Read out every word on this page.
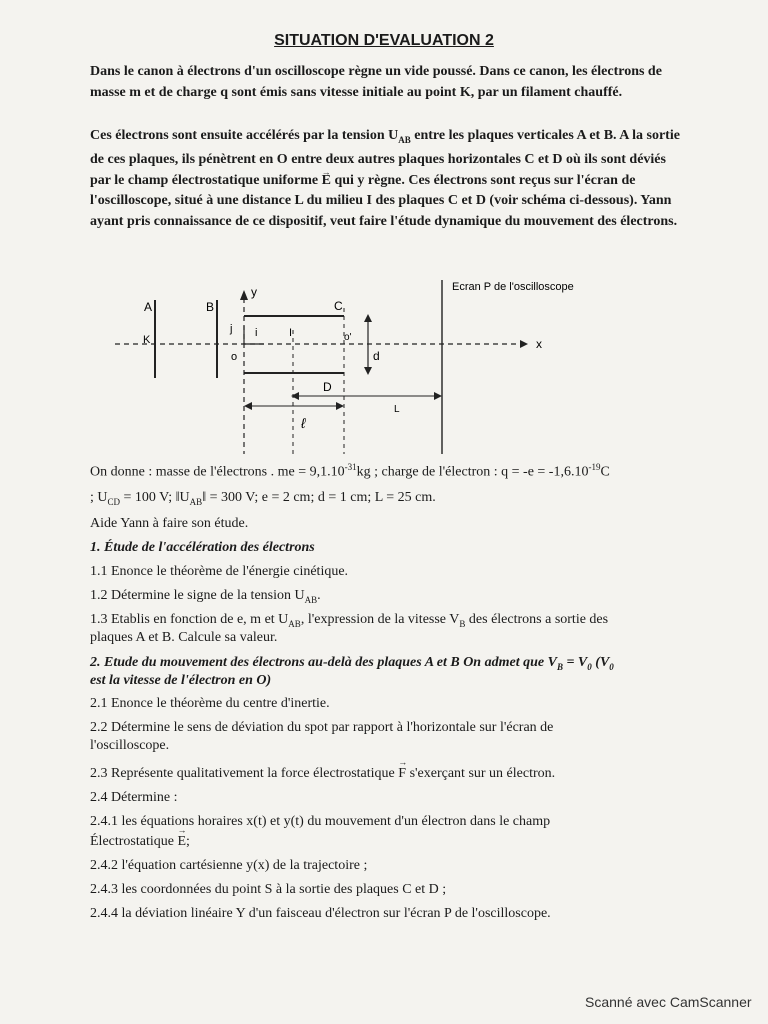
SITUATION D'EVALUATION 2
Dans le canon à électrons d'un oscilloscope règne un vide poussé. Dans ce canon, les électrons de masse m et de charge q sont émis sans vitesse initiale au point K, par un filament chauffé.
Ces électrons sont ensuite accélérés par la tension $U_{AB}$ entre les plaques verticales A et B. A la sortie de ces plaques, ils pénètrent en O entre deux autres plaques horizontales C et D où ils sont déviés par le champ électrostatique uniforme → E qui y règne. Ces électrons sont reçus sur l'écran de l'oscilloscope, situé à une distance L du milieu I des plaques C et D (voir schéma ci-dessous). Yann ayant pris connaissance de ce dispositif, veut faire l'étude dynamique du mouvement des électrons.
x
A
K
B
y
j i
o
C
D
I	o'
d
Ecran P de l'oscilloscope
L
ℓ
On donne : masse de l'électrons . me = $9,1.10^{-31}kg$ ; charge de l'électron : $q = -e = -1,6.10^{-19}C$
; $U_{CD} = 100$ V; $‖U_{AB}‖ = 300$ V; e = 2 cm; d = 1 cm; L = 25 cm.
Aide Yann à faire son étude.
1. Étude de l'accélération des électrons
1.1 Enonce le théorème de l'énergie cinétique.
1.2 Détermine le signe de la tension $U_{AB}$.
1.3 Etablis en fonction de e, m et $U_{AB}$, l'expression de la vitesse $V_B$ des électrons a sortie des
plaques A et B. Calcule sa valeur.
2. Etude du mouvement des électrons au-delà des plaques A et B On admet que $V_B = V_0$ ($V_0$
est la vitesse de l'électron en O)
2.1 Enonce le théorème du centre d'inertie.
2.2 Détermine le sens de déviation du spot par rapport à l'horizontale sur l'écran de
l'oscilloscope.
2.3 Représente qualitativement la force électrostatique → F s'exerçant sur un électron.
2.4 Détermine :
2.4.1 les équations horaires x(t) et y(t) du mouvement d'un électron dans le champ
Électrostatique → E;
2.4.2 l'équation cartésienne y(x) de la trajectoire ;
2.4.3 les coordonnées du point S à la sortie des plaques C et D ;
2.4.4 la déviation linéaire Y d'un faisceau d'électron sur l'écran P de l'oscilloscope.
Scanné avec CamScanner
